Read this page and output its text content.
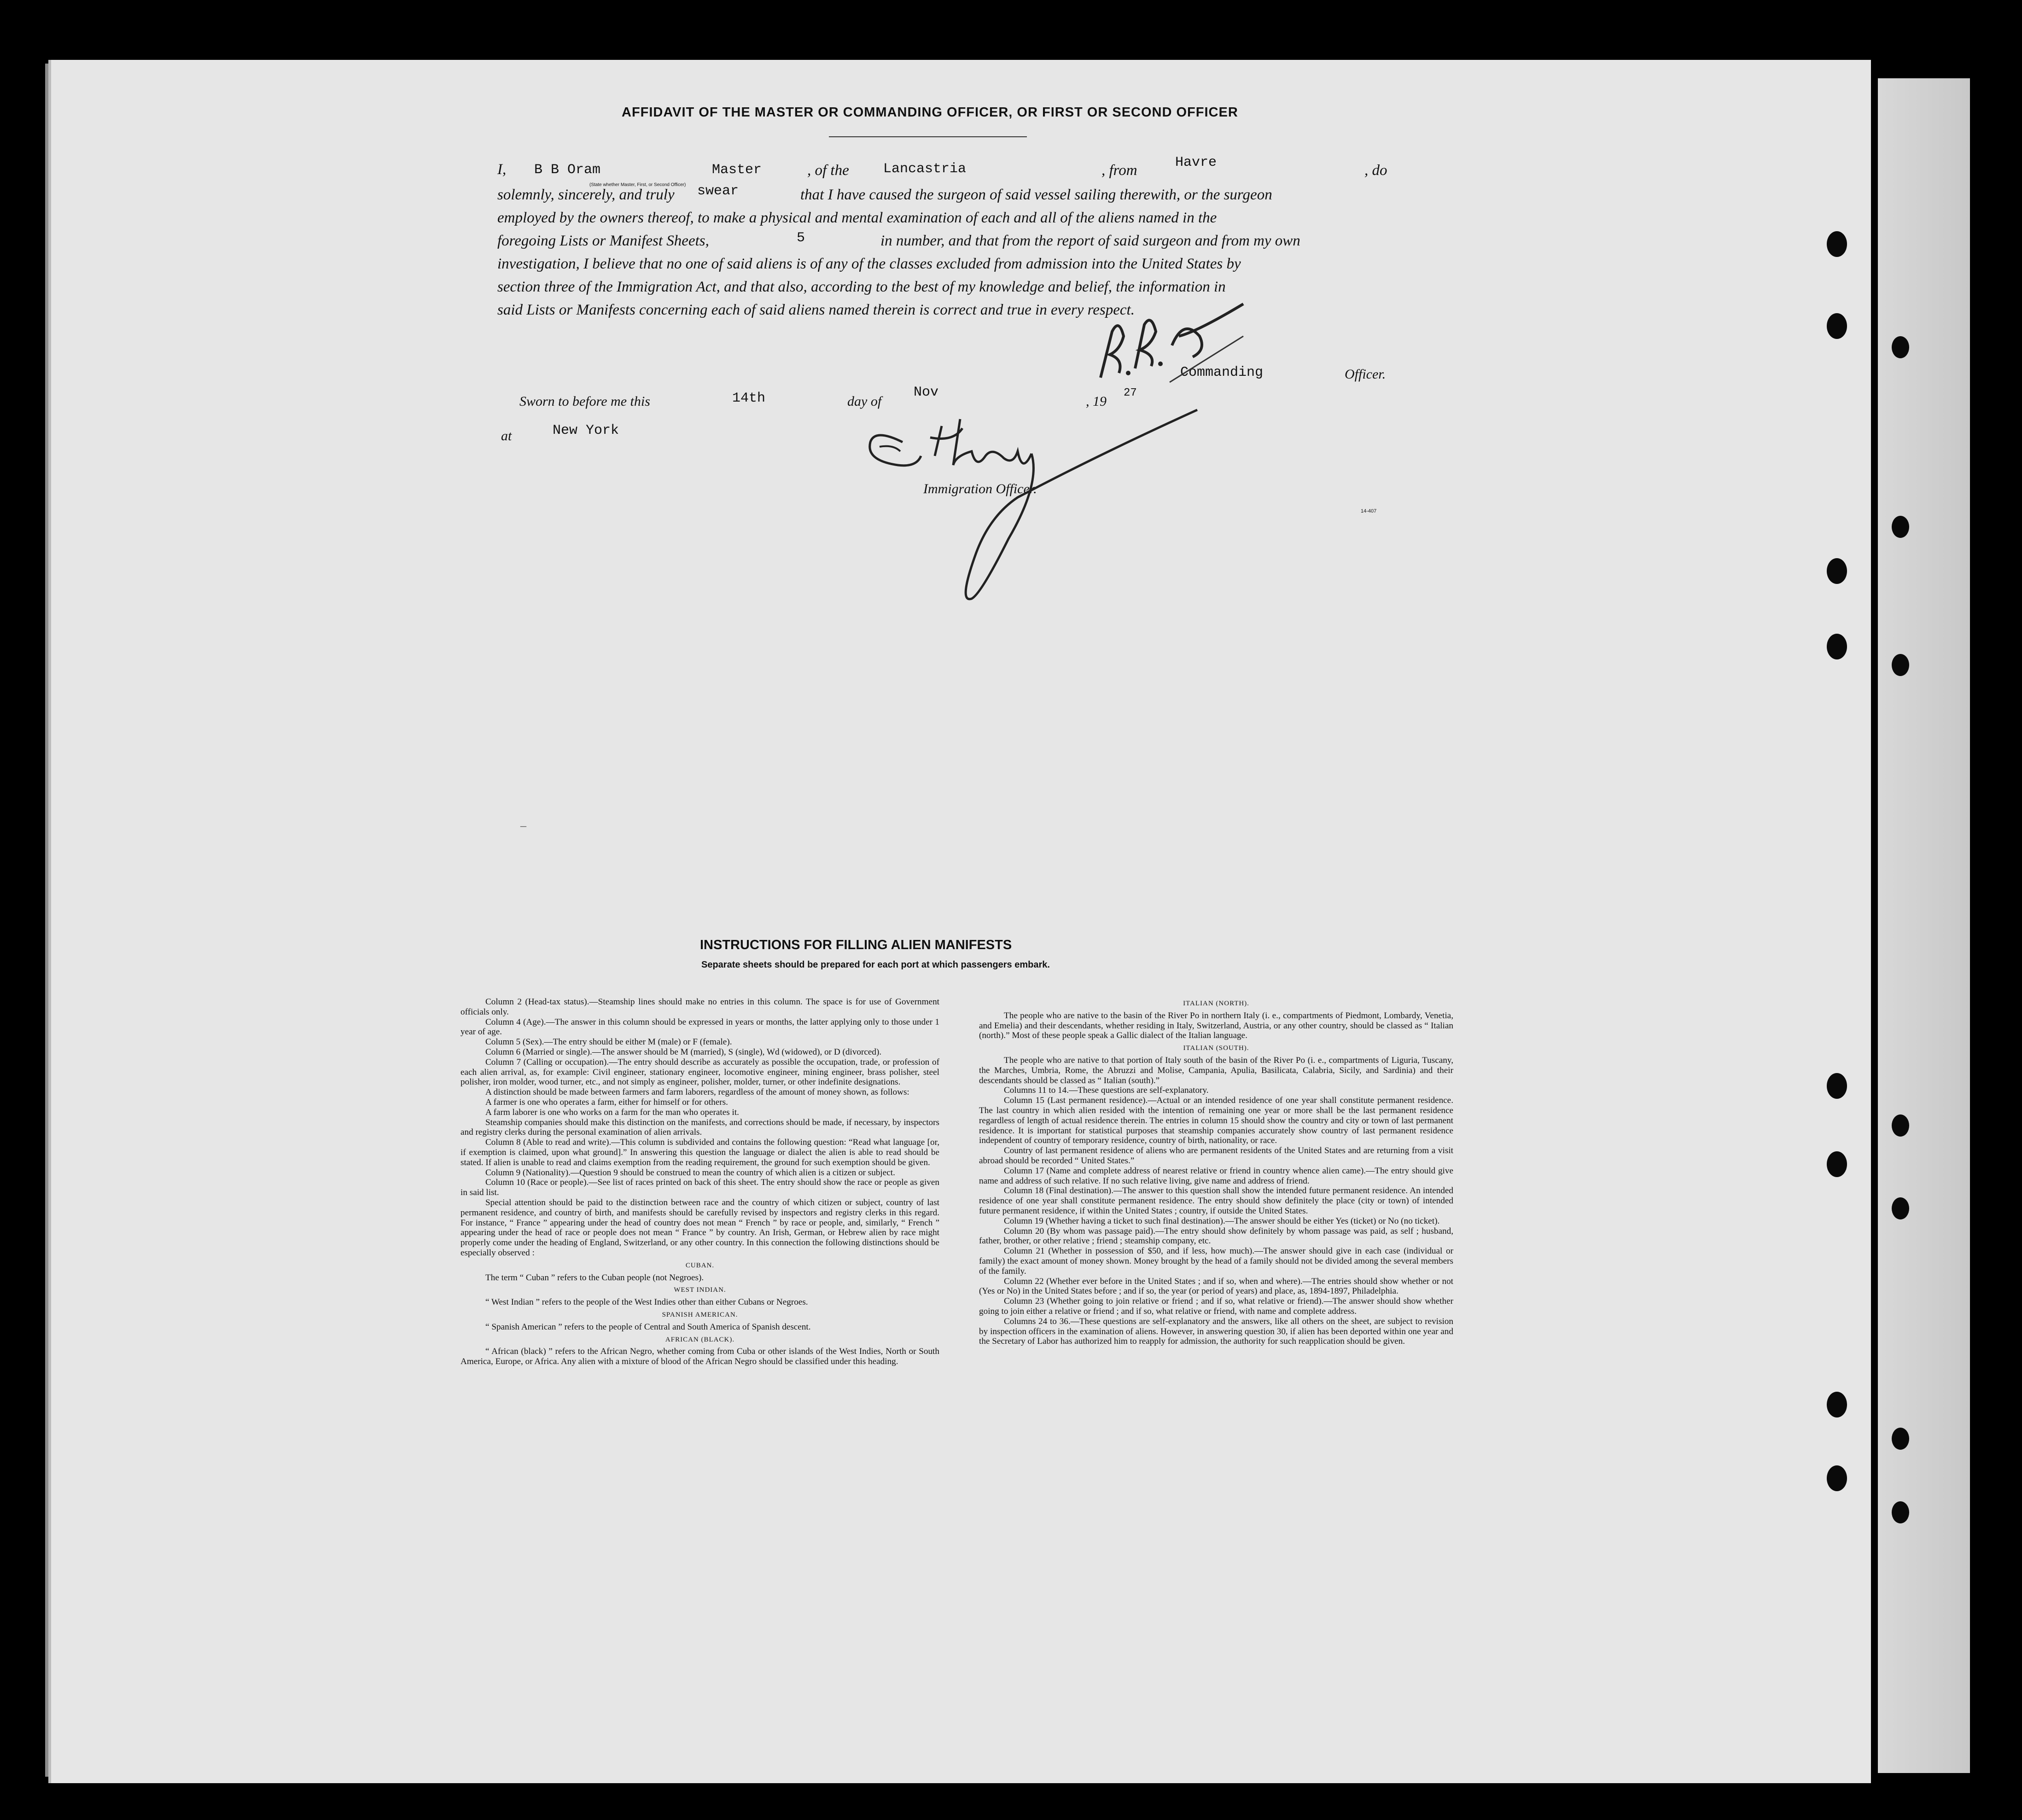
AFFIDAVIT OF THE MASTER OR COMMANDING OFFICER, OR FIRST OR SECOND OFFICER
I, B B Oram	Master
(State whether Master, First, or Second Officer)
, of the Lancastria	, from	Havre	, do
solemnly, sincerely, and truly swear	that I have caused the surgeon of said vessel sailing therewith, or the surgeon
employed by the owners thereof, to make a physical and mental examination of each and all of the aliens named in the
foregoing Lists or Manifest Sheets,	5	in number, and that from the report of said surgeon and from my own
investigation, I believe that no one of said aliens is of any of the classes excluded from admission into the United States by
section three of the Immigration Act, and that also, according to the best of my knowledge and belief, the information in
said Lists or Manifests concerning each of said aliens named therein is correct and true in every respect.
Sworn to before me this	14th	day of
Nov
, 19
27
Commanding	Officer.
at	New York
Immigration Officer.
14-407
INSTRUCTIONS FOR FILLING ALIEN MANIFESTS
Separate sheets should be prepared for each port at which passengers embark.

Column 2 (Head-tax status).—Steamship lines should make no entries in this column. The space is for use of Government officials only.

Column 4 (Age).—The answer in this column should be expressed in years or months, the latter applying only to those under 1 year of age.

Column 5 (Sex).—The entry should be either M (male) or F (female).

Column 6 (Married or single).—The answer should be M (married), S (single), Wd (widowed), or D (divorced).

Column 7 (Calling or occupation).—The entry should describe as accurately as possible the occupation, trade, or profession of each alien arrival, as, for example: Civil engineer, stationary engineer, locomotive engineer, mining engineer, brass polisher, steel polisher, iron molder, wood turner, etc., and not simply as engineer, polisher, molder, turner, or other indefinite designations.

A distinction should be made between farmers and farm laborers, regardless of the amount of money shown, as follows:

A farmer is one who operates a farm, either for himself or for others.

A farm laborer is one who works on a farm for the man who operates it.

Steamship companies should make this distinction on the manifests, and corrections should be made, if necessary, by inspectors and registry clerks during the personal examination of alien arrivals.

Column 8 (Able to read and write).—This column is subdivided and contains the following question: “Read what language [or, if exemption is claimed, upon what ground].” In answering this question the language or dialect the alien is able to read should be stated. If alien is unable to read and claims exemption from the reading requirement, the ground for such exemption should be given.

Column 9 (Nationality).—Question 9 should be construed to mean the country of which alien is a citizen or subject.

Column 10 (Race or people).—See list of races printed on back of this sheet. The entry should show the race or people as given in said list.

Special attention should be paid to the distinction between race and the country of which citizen or subject, country of last permanent residence, and country of birth, and manifests should be carefully revised by inspectors and registry clerks in this regard. For instance, “ France ” appearing under the head of country does not mean “ French ” by race or people, and, similarly, “ French ” appearing under the head of race or people does not mean “ France ” by country. An Irish, German, or Hebrew alien by race might properly come under the heading of England, Switzerland, or any other country. In this connection the following distinctions should be especially observed :

CUBAN.

The term “ Cuban ” refers to the Cuban people (not Negroes).

WEST INDIAN.

“ West Indian ” refers to the people of the West Indies other than either Cubans or Negroes.

SPANISH AMERICAN.

“ Spanish American ” refers to the people of Central and South America of Spanish descent.

AFRICAN (BLACK).

“ African (black) ” refers to the African Negro, whether coming from Cuba or other islands of the West Indies, North or South America, Europe, or Africa. Any alien with a mixture of blood of the African Negro should be classified under this heading.

ITALIAN (NORTH).

The people who are native to the basin of the River Po in northern Italy (i. e., compartments of Piedmont, Lombardy, Venetia, and Emelia) and their descendants, whether residing in Italy, Switzerland, Austria, or any other country, should be classed as “ Italian (north).” Most of these people speak a Gallic dialect of the Italian language.

ITALIAN (SOUTH).

The people who are native to that portion of Italy south of the basin of the River Po (i. e., compartments of Liguria, Tuscany, the Marches, Umbria, Rome, the Abruzzi and Molise, Campania, Apulia, Basilicata, Calabria, Sicily, and Sardinia) and their descendants should be classed as “ Italian (south).”

Columns 11 to 14.—These questions are self-explanatory.

Column 15 (Last permanent residence).—Actual or an intended residence of one year shall constitute permanent residence. The last country in which alien resided with the intention of remaining one year or more shall be the last permanent residence regardless of length of actual residence therein. The entries in column 15 should show the country and city or town of last permanent residence. It is important for statistical purposes that steamship companies accurately show country of last permanent residence independent of country of temporary residence, country of birth, nationality, or race.

Country of last permanent residence of aliens who are permanent residents of the United States and are returning from a visit abroad should be recorded “ United States.”

Column 17 (Name and complete address of nearest relative or friend in country whence alien came).—The entry should give name and address of such relative. If no such relative living, give name and address of friend.

Column 18 (Final destination).—The answer to this question shall show the intended future permanent residence. An intended residence of one year shall constitute permanent residence. The entry should show definitely the place (city or town) of intended future permanent residence, if within the United States ; country, if outside the United States.

Column 19 (Whether having a ticket to such final destination).—The answer should be either Yes (ticket) or No (no ticket).

Column 20 (By whom was passage paid).—The entry should show definitely by whom passage was paid, as self ; husband, father, brother, or other relative ; friend ; steamship company, etc.

Column 21 (Whether in possession of $50, and if less, how much).—The answer should give in each case (individual or family) the exact amount of money shown. Money brought by the head of a family should not be divided among the several members of the family.

Column 22 (Whether ever before in the United States ; and if so, when and where).—The entries should show whether or not (Yes or No) in the United States before ; and if so, the year (or period of years) and place, as, 1894-1897, Philadelphia.

Column 23 (Whether going to join relative or friend ; and if so, what relative or friend).—The answer should show whether going to join either a relative or friend ; and if so, what relative or friend, with name and complete address.

Columns 24 to 36.—These questions are self-explanatory and the answers, like all others on the sheet, are subject to revision by inspection officers in the examination of aliens. However, in answering question 30, if alien has been deported within one year and the Secretary of Labor has authorized him to reapply for admission, the authority for such reapplication should be given.

–
